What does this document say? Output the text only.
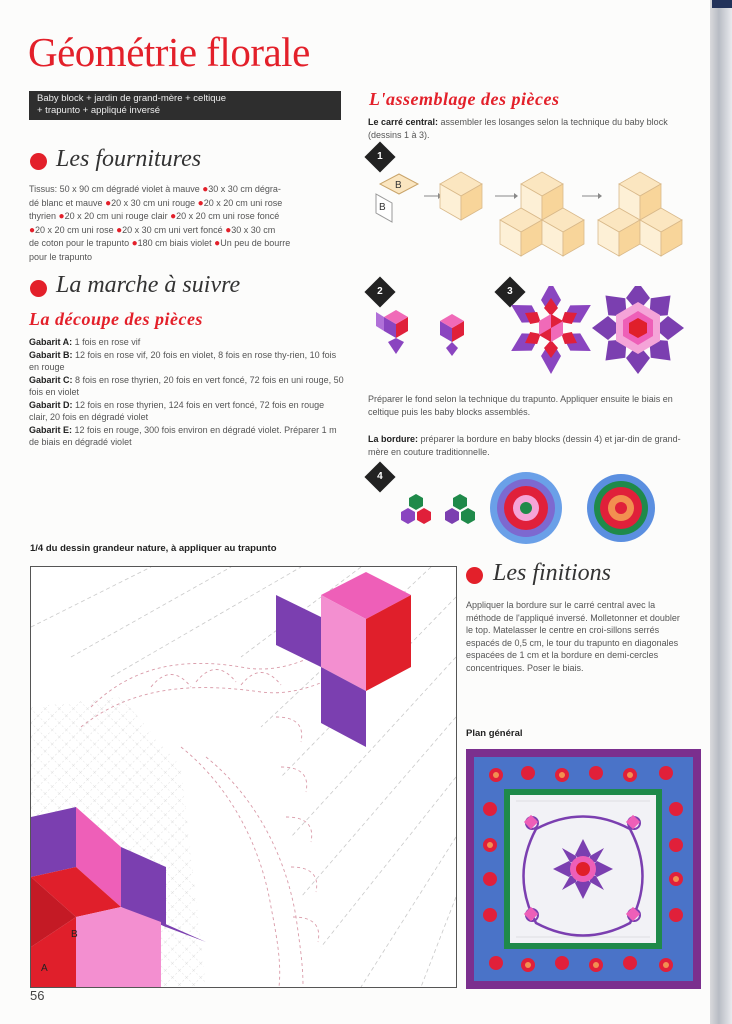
Géométrie florale
Baby block + jardin de grand-mère + celtique
+ trapunto + appliqué inversé
Les fournitures
Tissus: 50 x 90 cm dégradé violet à mauve ●30 x 30 cm dégra-
dé blanc et mauve ●20 x 30 cm uni rouge ●20 x 20 cm uni rose
thyrien ●20 x 20 cm uni rouge clair ●20 x 20 cm uni rose foncé
●20 x 20 cm uni rose ●20 x 30 cm uni vert foncé ●30 x 30 cm
de coton pour le trapunto ●180 cm biais violet ●Un peu de bourre
pour le trapunto
La marche à suivre
La découpe des pièces
Gabarit A: 1 fois en rose vif
Gabarit B: 12 fois en rose vif, 20 fois en violet, 8 fois en rose thy-rien, 10 fois en rouge
Gabarit C: 8 fois en rose thyrien, 20 fois en vert foncé, 72 fois en uni rouge, 50 fois en violet
Gabarit D: 12 fois en rose thyrien, 124 fois en vert foncé, 72 fois en rouge clair, 20 fois en dégradé violet
Gabarit E: 12 fois en rouge, 300 fois environ en dégradé violet. Préparer 1 m de biais en dégradé violet
L'assemblage des pièces
Le carré central: assembler les losanges selon la technique du baby block (dessins 1 à 3).
1
B
B
2	3
Préparer le fond selon la technique du trapunto. Appliquer ensuite le biais en celtique puis les baby blocks assemblés.
La bordure: préparer la bordure en baby blocks (dessin 4) et jar-din de grand-mère en couture traditionnelle.
4
1/4 du dessin grandeur nature, à appliquer au trapunto
B
A
56
Les finitions
Appliquer la bordure sur le carré central avec la méthode de l'appliqué inversé. Molletonner et doubler le top. Matelasser le centre en croi-sillons serrés espacés de 0,5 cm, le tour du trapunto en diagonales espacées de 1 cm et la bordure en demi-cercles concentriques. Poser le biais.
Plan général
